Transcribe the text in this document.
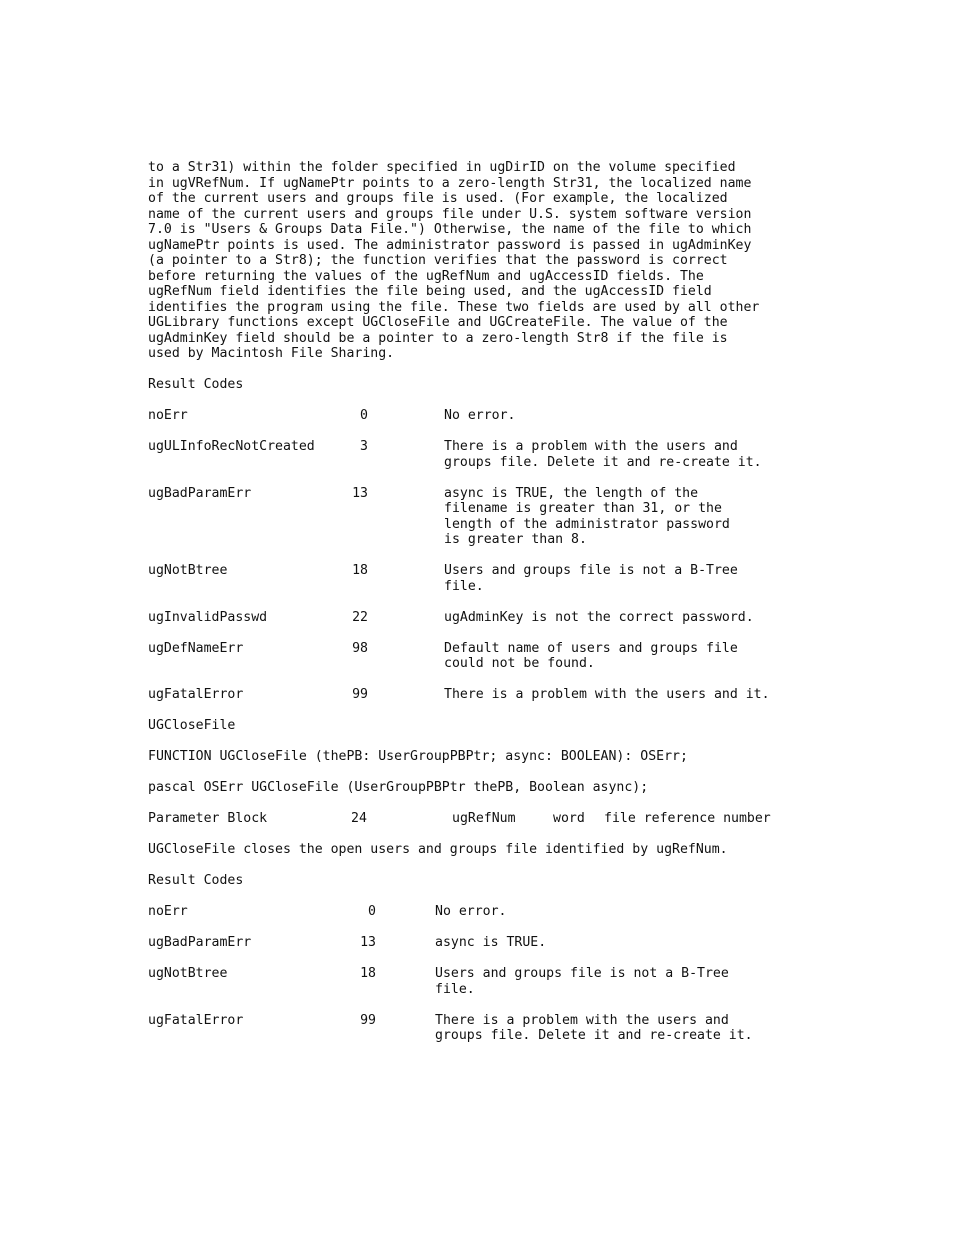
to a Str31) within the folder specified in ugDirID on the volume specified
in ugVRefNum. If ugNamePtr points to a zero-length Str31, the localized name
of the current users and groups file is used. (For example, the localized
name of the current users and groups file under U.S. system software version
7.0 is "Users & Groups Data File.") Otherwise, the name of the file to which
ugNamePtr points is used. The administrator password is passed in ugAdminKey
(a pointer to a Str8); the function verifies that the password is correct
before returning the values of the ugRefNum and ugAccessID fields. The
ugRefNum field identifies the file being used, and the ugAccessID field
identifies the program using the file. These two fields are used by all other
UGLibrary functions except UGCloseFile and UGCreateFile. The value of the
ugAdminKey field should be a pointer to a zero-length Str8 if the file is
used by Macintosh File Sharing.

Result Codes

noErr	0	No error.

ugULInfoRecNotCreated	3	There is a problem with the users and
groups file. Delete it and re-create it.

ugBadParamErr	13	async is TRUE, the length of the
filename is greater than 31, or the
length of the administrator password
is greater than 8.

ugNotBtree	18	Users and groups file is not a B-Tree
file.

ugInvalidPasswd	22	ugAdminKey is not the correct password.

ugDefNameErr	98	Default name of users and groups file
could not be found.

ugFatalError	99	There is a problem with the users and it.

UGCloseFile

FUNCTION UGCloseFile (thePB: UserGroupPBPtr; async: BOOLEAN): OSErr;

pascal OSErr UGCloseFile (UserGroupPBPtr thePB, Boolean async);

Parameter Block	24	ugRefNum	word file reference number

UGCloseFile closes the open users and groups file identified by ugRefNum.

Result Codes

noErr	0	No error.

ugBadParamErr	13	async is TRUE.

ugNotBtree	18	Users and groups file is not a B-Tree
file.

ugFatalError	99	There is a problem with the users and
groups file. Delete it and re-create it.
